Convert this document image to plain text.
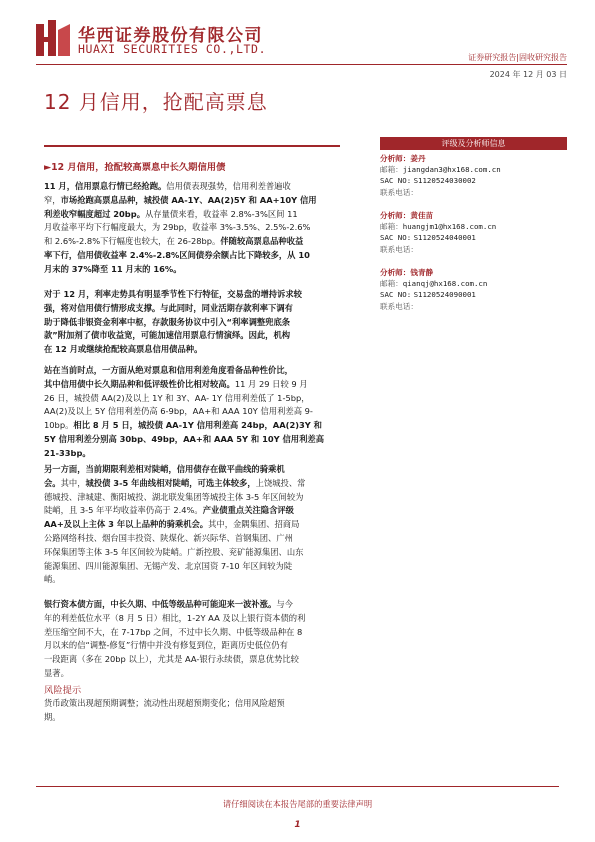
华西证券股份有限公司
HUAXI SECURITIES CO.,LTD.
证券研究报告|固收研究报告
2024 年 12 月 03 日
12 月信用，抢配高票息
►12 月信用，抢配较高票息中长久期信用债
11 月，信用票息行情已经抢跑。信用债表现强势，信用利差普遍收
窄，市场抢跑高票息品种，城投债 AA-1Y、AA(2)5Y 和 AA+10Y 信用
利差收窄幅度超过 20bp。从存量债来看，收益率 2.8%-3%区间 11
月收益率平均下行幅度最大，为 29bp，收益率 3%-3.5%、2.5%-2.6%
和 2.6%-2.8%下行幅度也较大，在 26-28bp。伴随较高票息品种收益
率下行，信用债收益率 2.4%-2.8%区间债券余额占比下降较多，从 10
月末的 37%降至 11 月末的 16%。
对于 12 月，利率走势具有明显季节性下行特征，交易盘的增持诉求较
强，将对信用债行情形成支撑。与此同时，同业活期存款利率下调有
助于降低非银资金利率中枢，存款服务协议中引入“利率调整兜底条
款”附加剂了债市收益宽，可能加速信用票息行情演绎。因此，机构
在 12 月或继续抢配较高票息信用债品种。
站在当前时点，一方面从绝对票息和信用利差角度看备品种性价比，
其中信用债中长久期品种和低评级性价比相对较高。11 月 29 日较 9 月
26 日，城投债 AA(2)及以上 1Y 和 3Y、AA- 1Y 信用利差低了 1-5bp，
AA(2)及以上 5Y 信用利差仍高 6-9bp，AA+和 AAA 10Y 信用利差高 9-
10bp。相比 8 月 5 日，城投债 AA-1Y 信用利差高 24bp，AA(2)3Y 和
5Y 信用利差分别高 30bp、49bp，AA+和 AAA 5Y 和 10Y 信用利差高
21-33bp。
另一方面，当前期限利差相对陡峭，信用债存在做平曲线的骑乘机
会。其中，城投债 3-5 年曲线相对陡峭，可选主体较多，上饶城投、常
德城投、津城建、衡阳城投、湖北联发集团等城投主体 3-5 年区间较为
陡峭，且 3-5 年平均收益率仍高于 2.4%。产业债重点关注隐含评级
AA+及以上主体 3 年以上品种的骑乘机会。其中，金隅集团、招商局
公路网络科技、烟台国丰投资、陕煤化、新兴际华、首钢集团、广州
环保集团等主体 3-5 年区间较为陡峭。广新控股、兖矿能源集团、山东
能源集团、四川能源集团、无锡产发、北京国资 7-10 年区间较为陡
峭。
银行资本债方面，中长久期、中低等级品种可能迎来一波补涨。与今
年的利差低位水平（8 月 5 日）相比，1-2Y AA 及以上银行资本债的利
差压缩空间不大，在 7-17bp 之间，不过中长久期、中低等级品种在 8
月以来的信“调整-修复”行情中并没有修复到位，距离历史低位仍有
一段距离（多在 20bp 以上），尤其是 AA-银行永续债，票息优势比较
显著。
风险提示
货币政策出现超预期调整；流动性出现超预期变化；信用风险超预
期。
评级及分析师信息
分析师：姜丹
邮箱：jiangdan3@hx168.com.cn
SAC NO: S1120524030002
联系电话：
分析师：黄佳苗
邮箱：huangjm1@hx168.com.cn
SAC NO: S1120524040001
联系电话：
分析师：钱青静
邮箱：qianqj@hx168.com.cn
SAC NO: S1120524090001
联系电话：
请仔细阅读在本报告尾部的重要法律声明
1
